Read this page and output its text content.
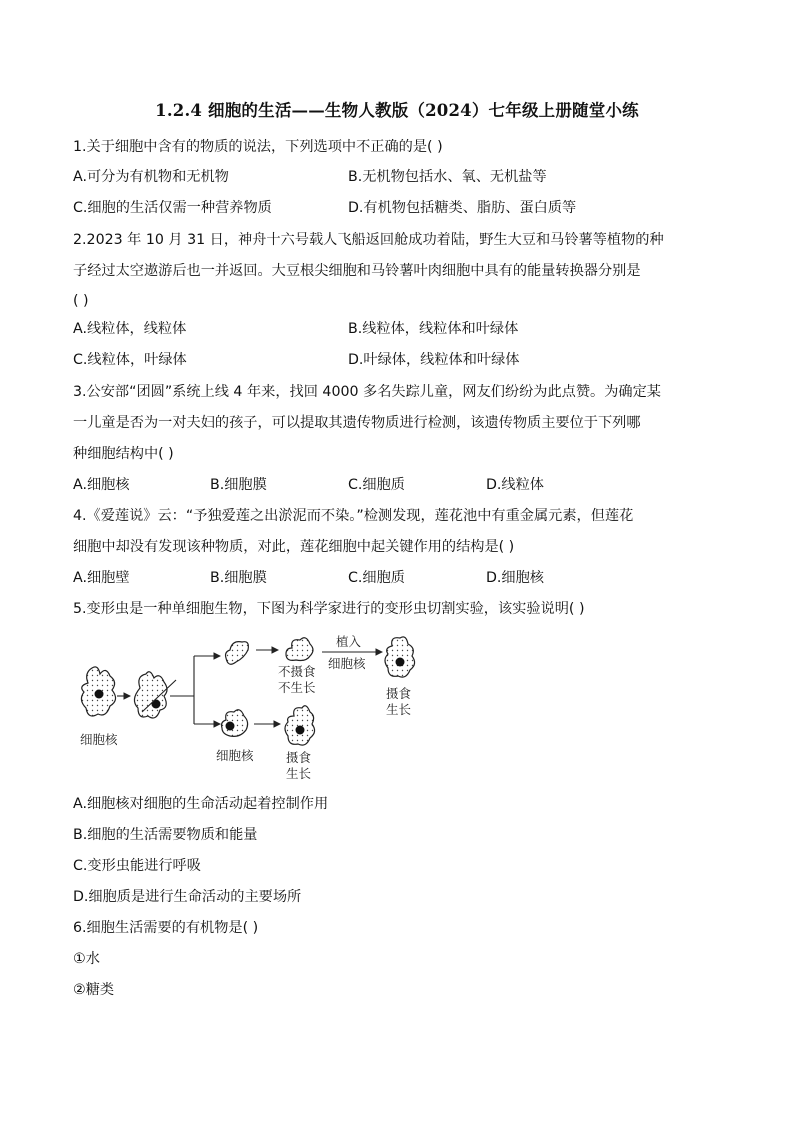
1.2.4 细胞的生活——生物人教版（2024）七年级上册随堂小练
1.关于细胞中含有的物质的说法，下列选项中不正确的是( )
A.可分为有机物和无机物	B.无机物包括水、氧、无机盐等
C.细胞的生活仅需一种营养物质	D.有机物包括糖类、脂肪、蛋白质等
2.2023 年 10 月 31 日，神舟十六号载人飞船返回舱成功着陆，野生大豆和马铃薯等植物的种
子经过太空遨游后也一并返回。大豆根尖细胞和马铃薯叶肉细胞中具有的能量转换器分别是
( )
A.线粒体，线粒体	B.线粒体，线粒体和叶绿体
C.线粒体，叶绿体	D.叶绿体，线粒体和叶绿体
3.公安部“团圆”系统上线 4 年来，找回 4000 多名失踪儿童，网友们纷纷为此点赞。为确定某
一儿童是否为一对夫妇的孩子，可以提取其遗传物质进行检测，该遗传物质主要位于下列哪
种细胞结构中( )
A.细胞核	B.细胞膜	C.细胞质	D.线粒体
4.《爱莲说》云：“予独爱莲之出淤泥而不染。”检测发现，莲花池中有重金属元素，但莲花
细胞中却没有发现该种物质，对此，莲花细胞中起关键作用的结构是( )
A.细胞壁	B.细胞膜	C.细胞质	D.细胞核
5.变形虫是一种单细胞生物，下图为科学家进行的变形虫切割实验，该实验说明( )
不摄食
不生长
植入
细胞核
摄食
生长
细胞核	摄食
生长
细胞核
A.细胞核对细胞的生命活动起着控制作用
B.细胞的生活需要物质和能量
C.变形虫能进行呼吸
D.细胞质是进行生命活动的主要场所
6.细胞生活需要的有机物是( )
①水
②糖类
